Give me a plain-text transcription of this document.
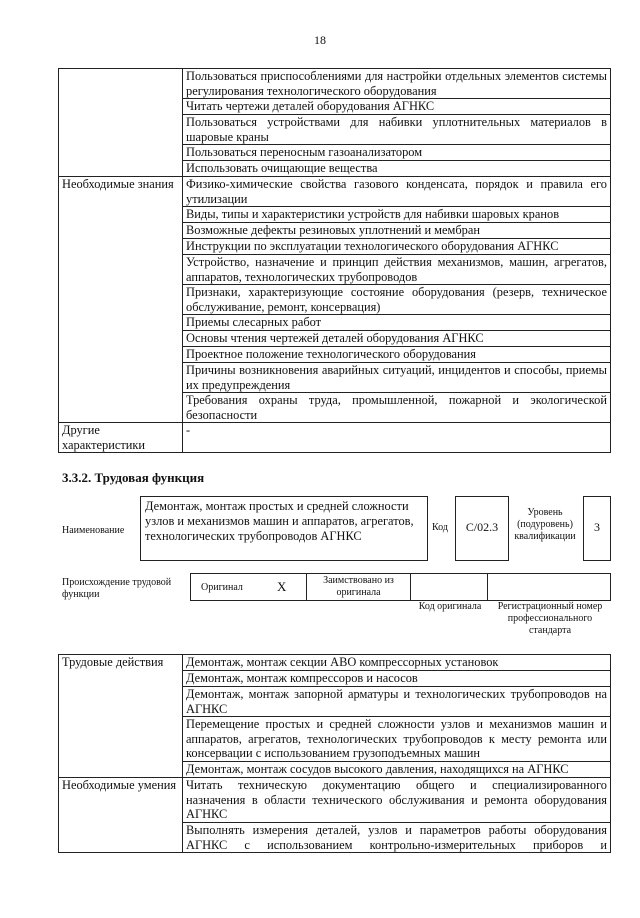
18
	Пользоваться приспособлениями для настройки отдельных элементов системы регулирования технологического оборудования
	Читать чертежи деталей оборудования АГНКС
	Пользоваться устройствами для набивки уплотнительных материалов в шаровые краны
	Пользоваться переносным газоанализатором
	Использовать очищающие вещества
Необходимые знания	Физико-химические свойства газового конденсата, порядок и правила его утилизации
	Виды, типы и характеристики устройств для набивки шаровых кранов
	Возможные дефекты резиновых уплотнений и мембран
	Инструкции по эксплуатации технологического оборудования АГНКС
	Устройство, назначение и принцип действия механизмов, машин, агрегатов, аппаратов, технологических трубопроводов
	Признаки, характеризующие состояние оборудования (резерв, техническое обслуживание, ремонт, консервация)
	Приемы слесарных работ
	Основы чтения чертежей деталей оборудования АГНКС
	Проектное положение технологического оборудования
	Причины возникновения аварийных ситуаций, инцидентов и способы, приемы их предупреждения
	Требования охраны труда, промышленной, пожарной и экологической безопасности
Другие характеристики	-
3.3.2. Трудовая функция
Наименование
Демонтаж, монтаж простых и средней сложности узлов и механизмов машин и аппаратов, агрегатов, технологических трубопроводов АГНКС
Код	С/02.3
Уровень (подуровень) квалификации
3
Происхождение трудовой функции
Оригинал	X	Заимствовано из оригинала
Код оригинала	Регистрационный номер профессионального стандарта
Трудовые действия	Демонтаж, монтаж секции АВО компрессорных установок
	Демонтаж, монтаж компрессоров и насосов
	Демонтаж, монтаж запорной арматуры и технологических трубопроводов на АГНКС
	Перемещение простых и средней сложности узлов и механизмов машин и аппаратов, агрегатов, технологических трубопроводов к месту ремонта или консервации с использованием грузоподъемных машин
	Демонтаж, монтаж сосудов высокого давления, находящихся на АГНКС
Необходимые умения	Читать техническую документацию общего и специализированного назначения в области технического обслуживания и ремонта оборудования АГНКС
	Выполнять измерения деталей, узлов и параметров работы оборудования АГНКС с использованием контрольно-измерительных приборов и
